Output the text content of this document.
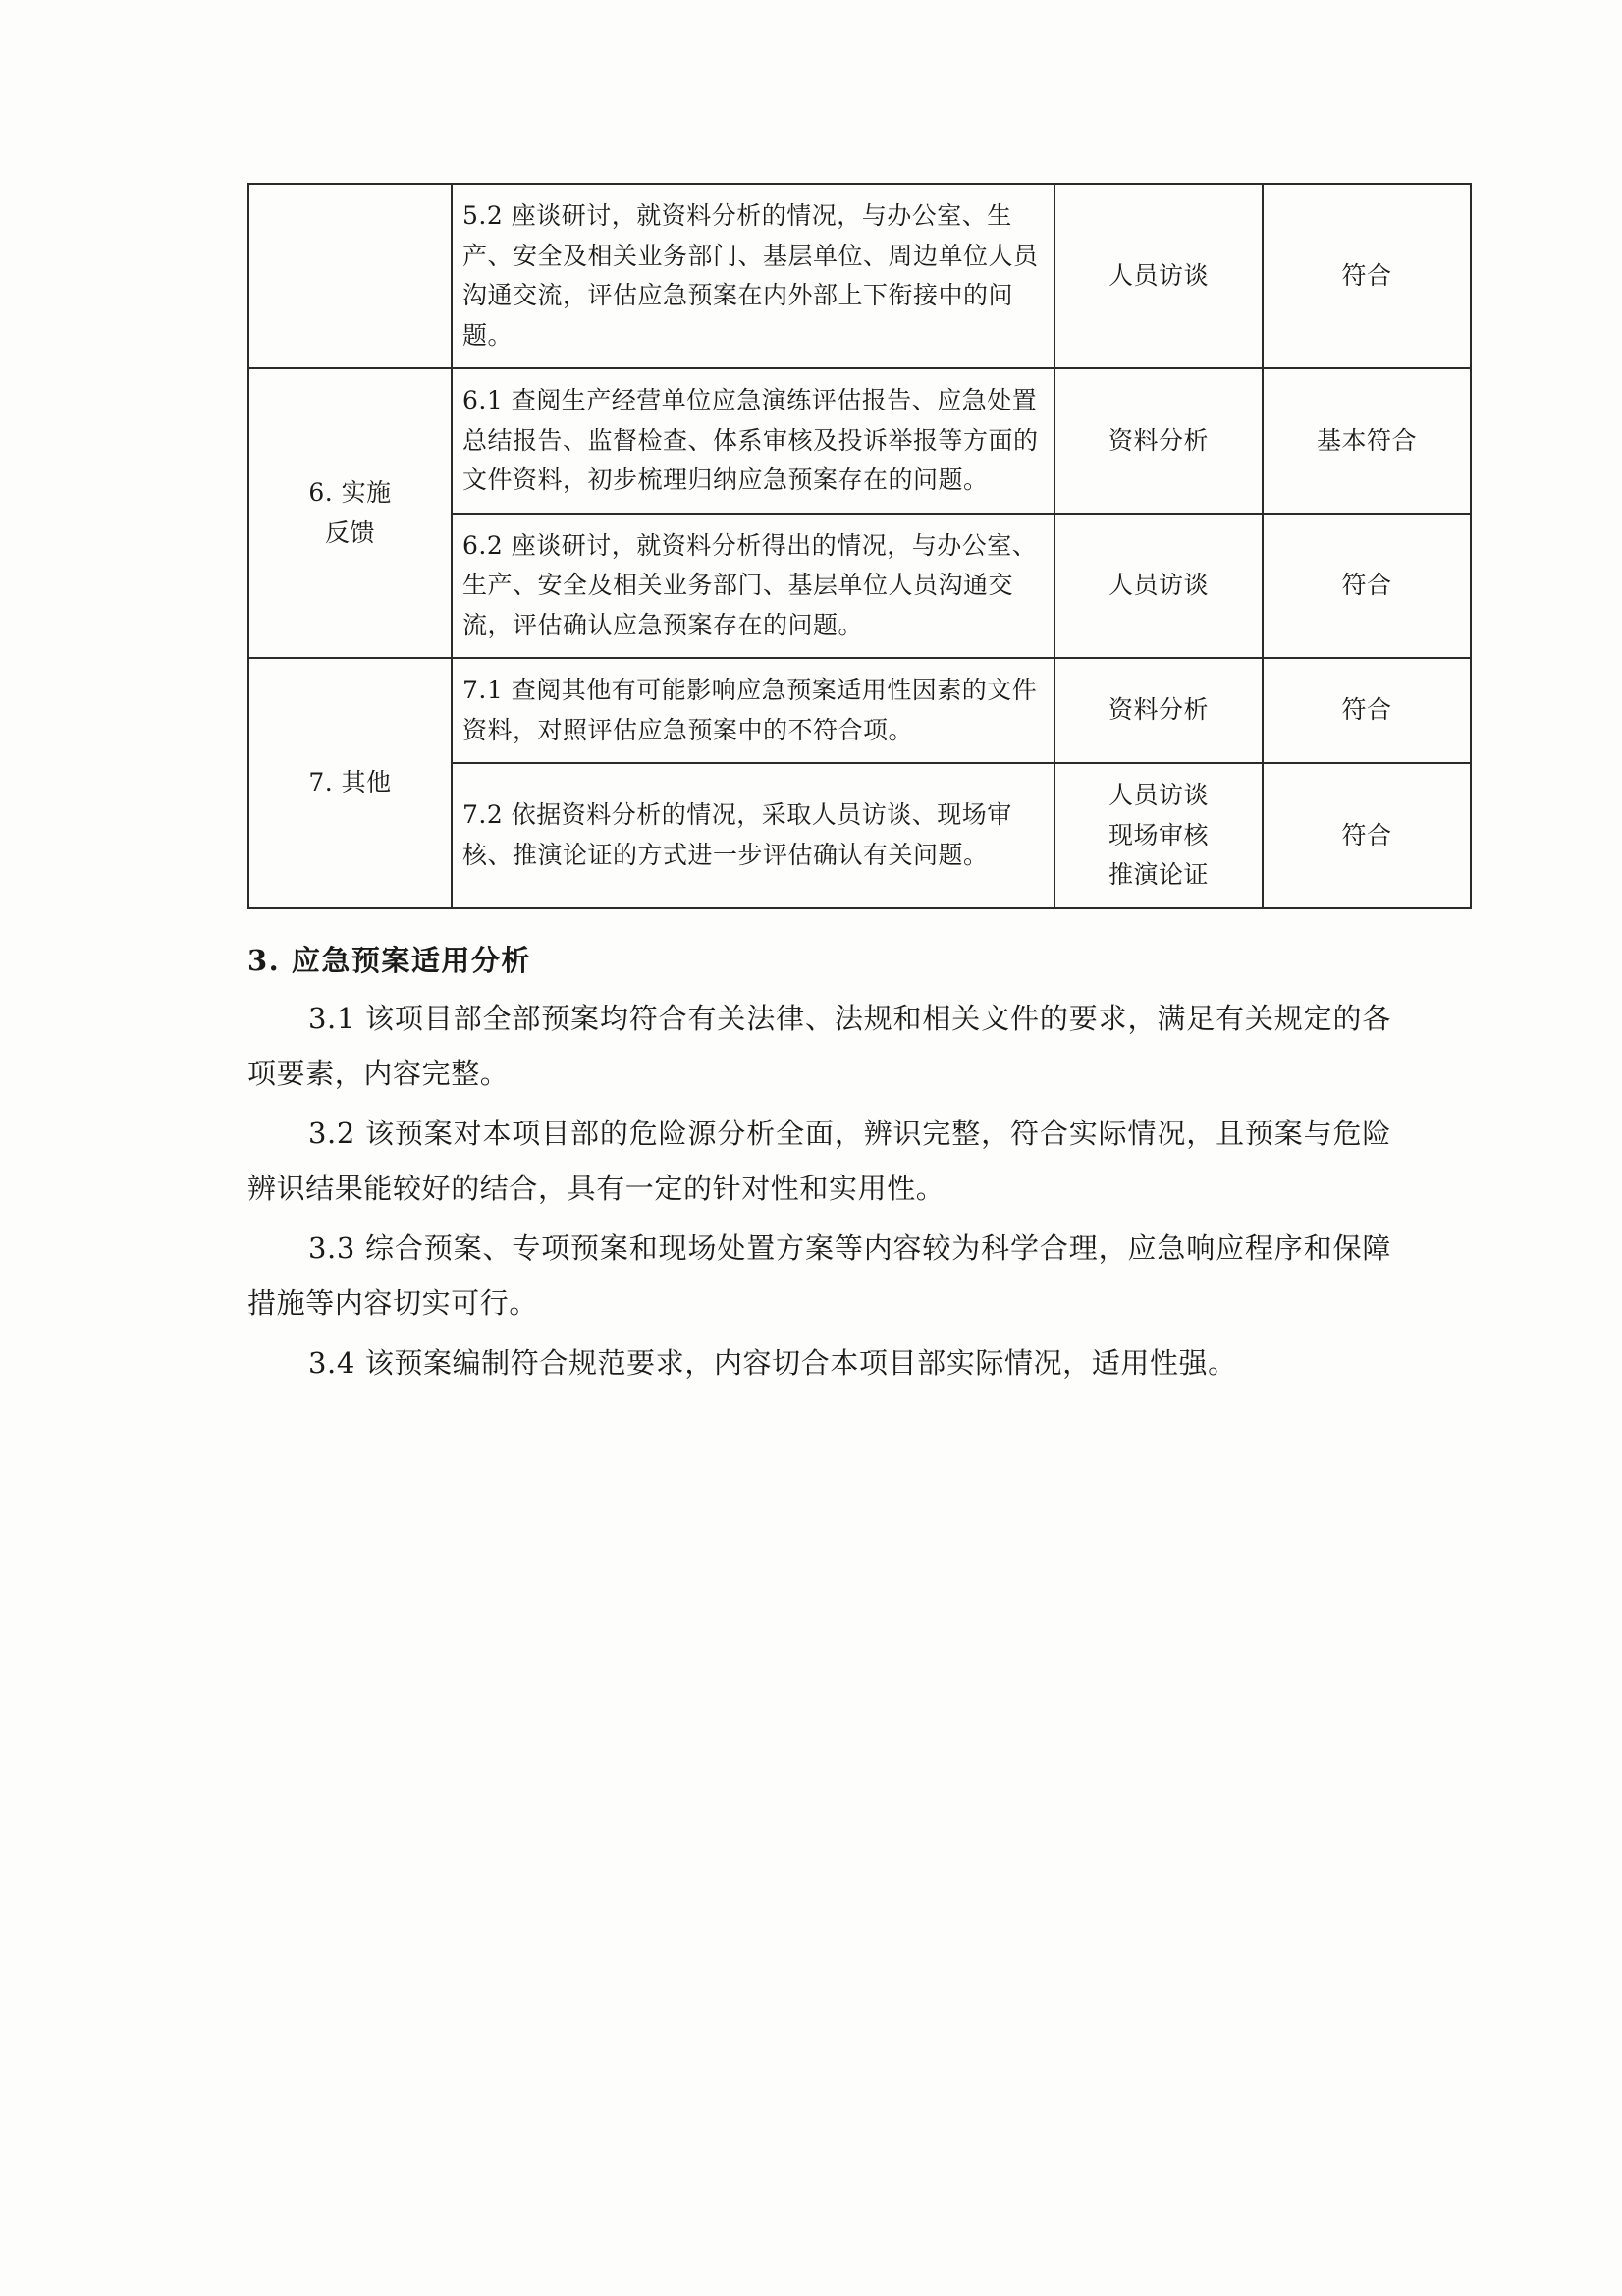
	5.2 座谈研讨，就资料分析的情况，与办公室、生产、安全及相关业务部门、基层单位、周边单位人员沟通交流，评估应急预案在内外部上下衔接中的问题。	人员访谈	符合

6. 实施
反馈	6.1 查阅生产经营单位应急演练评估报告、应急处置总结报告、监督检查、体系审核及投诉举报等方面的文件资料，初步梳理归纳应急预案存在的问题。	资料分析	基本符合
	6.2 座谈研讨，就资料分析得出的情况，与办公室、生产、安全及相关业务部门、基层单位人员沟通交流，评估确认应急预案存在的问题。	人员访谈	符合

7. 其他	7.1 查阅其他有可能影响应急预案适用性因素的文件资料，对照评估应急预案中的不符合项。	资料分析	符合
	7.2 依据资料分析的情况，采取人员访谈、现场审核、推演论证的方式进一步评估确认有关问题。	人员访谈
现场审核
推演论证	符合
3. 应急预案适用分析

3.1 该项目部全部预案均符合有关法律、法规和相关文件的要求，满足有关规定的各项要素，内容完整。

3.2 该预案对本项目部的危险源分析全面，辨识完整，符合实际情况，且预案与危险辨识结果能较好的结合，具有一定的针对性和实用性。

3.3 综合预案、专项预案和现场处置方案等内容较为科学合理，应急响应程序和保障措施等内容切实可行。

3.4 该预案编制符合规范要求，内容切合本项目部实际情况，适用性强。
